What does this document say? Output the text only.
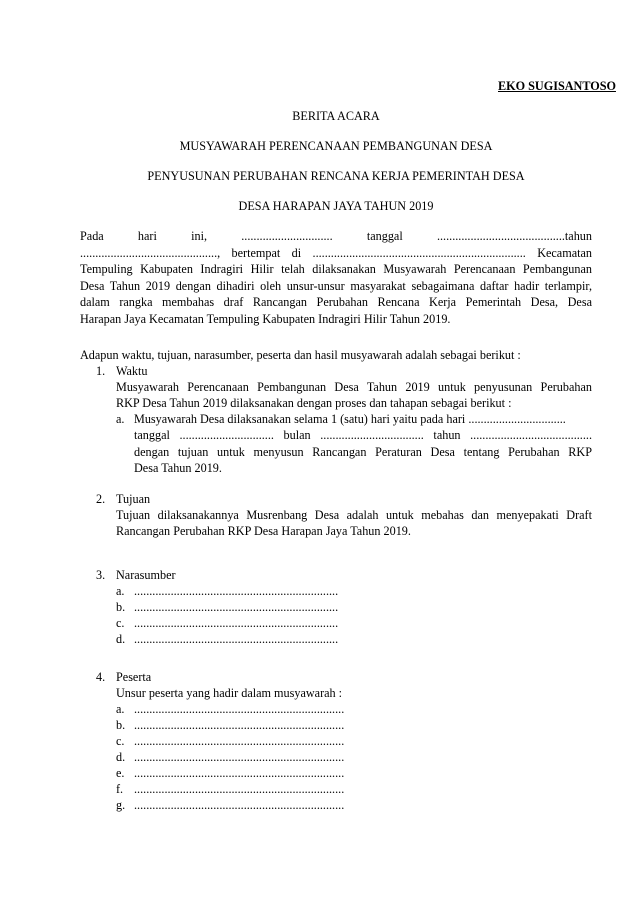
EKO SUGISANTOSO
BERITA ACARA
MUSYAWARAH PERENCANAAN PEMBANGUNAN DESA
PENYUSUNAN PERUBAHAN RENCANA KERJA PEMERINTAH DESA
DESA HARAPAN JAYA TAHUN 2019
Pada	hari	ini,	..............................	tanggal	..........................................tahun
............................................., bertempat di ...................................................................... Kecamatan
Tempuling Kabupaten Indragiri Hilir telah dilaksanakan Musyawarah Perencanaan Pembangunan
Desa Tahun 2019 dengan dihadiri oleh unsur-unsur masyarakat sebagaimana daftar hadir terlampir,
dalam rangka membahas draf Rancangan Perubahan Rencana Kerja Pemerintah Desa, Desa
Harapan Jaya Kecamatan Tempuling Kabupaten Indragiri Hilir Tahun 2019.
Adapun waktu, tujuan, narasumber, peserta dan hasil musyawarah adalah sebagai berikut :
1. Waktu
Musyawarah Perencanaan Pembangunan Desa Tahun 2019 untuk penyusunan Perubahan
RKP Desa Tahun 2019 dilaksanakan dengan proses dan tahapan sebagai berikut :
a. Musyawarah Desa dilaksanakan selama 1 (satu) hari yaitu pada hari ................................
tanggal ............................... bulan .................................. tahun ........................................
dengan tujuan untuk menyusun Rancangan Peraturan Desa tentang Perubahan RKP
Desa Tahun 2019.
2. Tujuan
Tujuan dilaksanakannya Musrenbang Desa adalah untuk mebahas dan menyepakati Draft
Rancangan Perubahan RKP Desa Harapan Jaya Tahun 2019.
3. Narasumber
a. ...................................................................
b. ...................................................................
c. ...................................................................
d. ...................................................................
4. Peserta
Unsur peserta yang hadir dalam musyawarah :
a. .....................................................................
b. .....................................................................
c. .....................................................................
d. .....................................................................
e. .....................................................................
f. .....................................................................
g. .....................................................................
